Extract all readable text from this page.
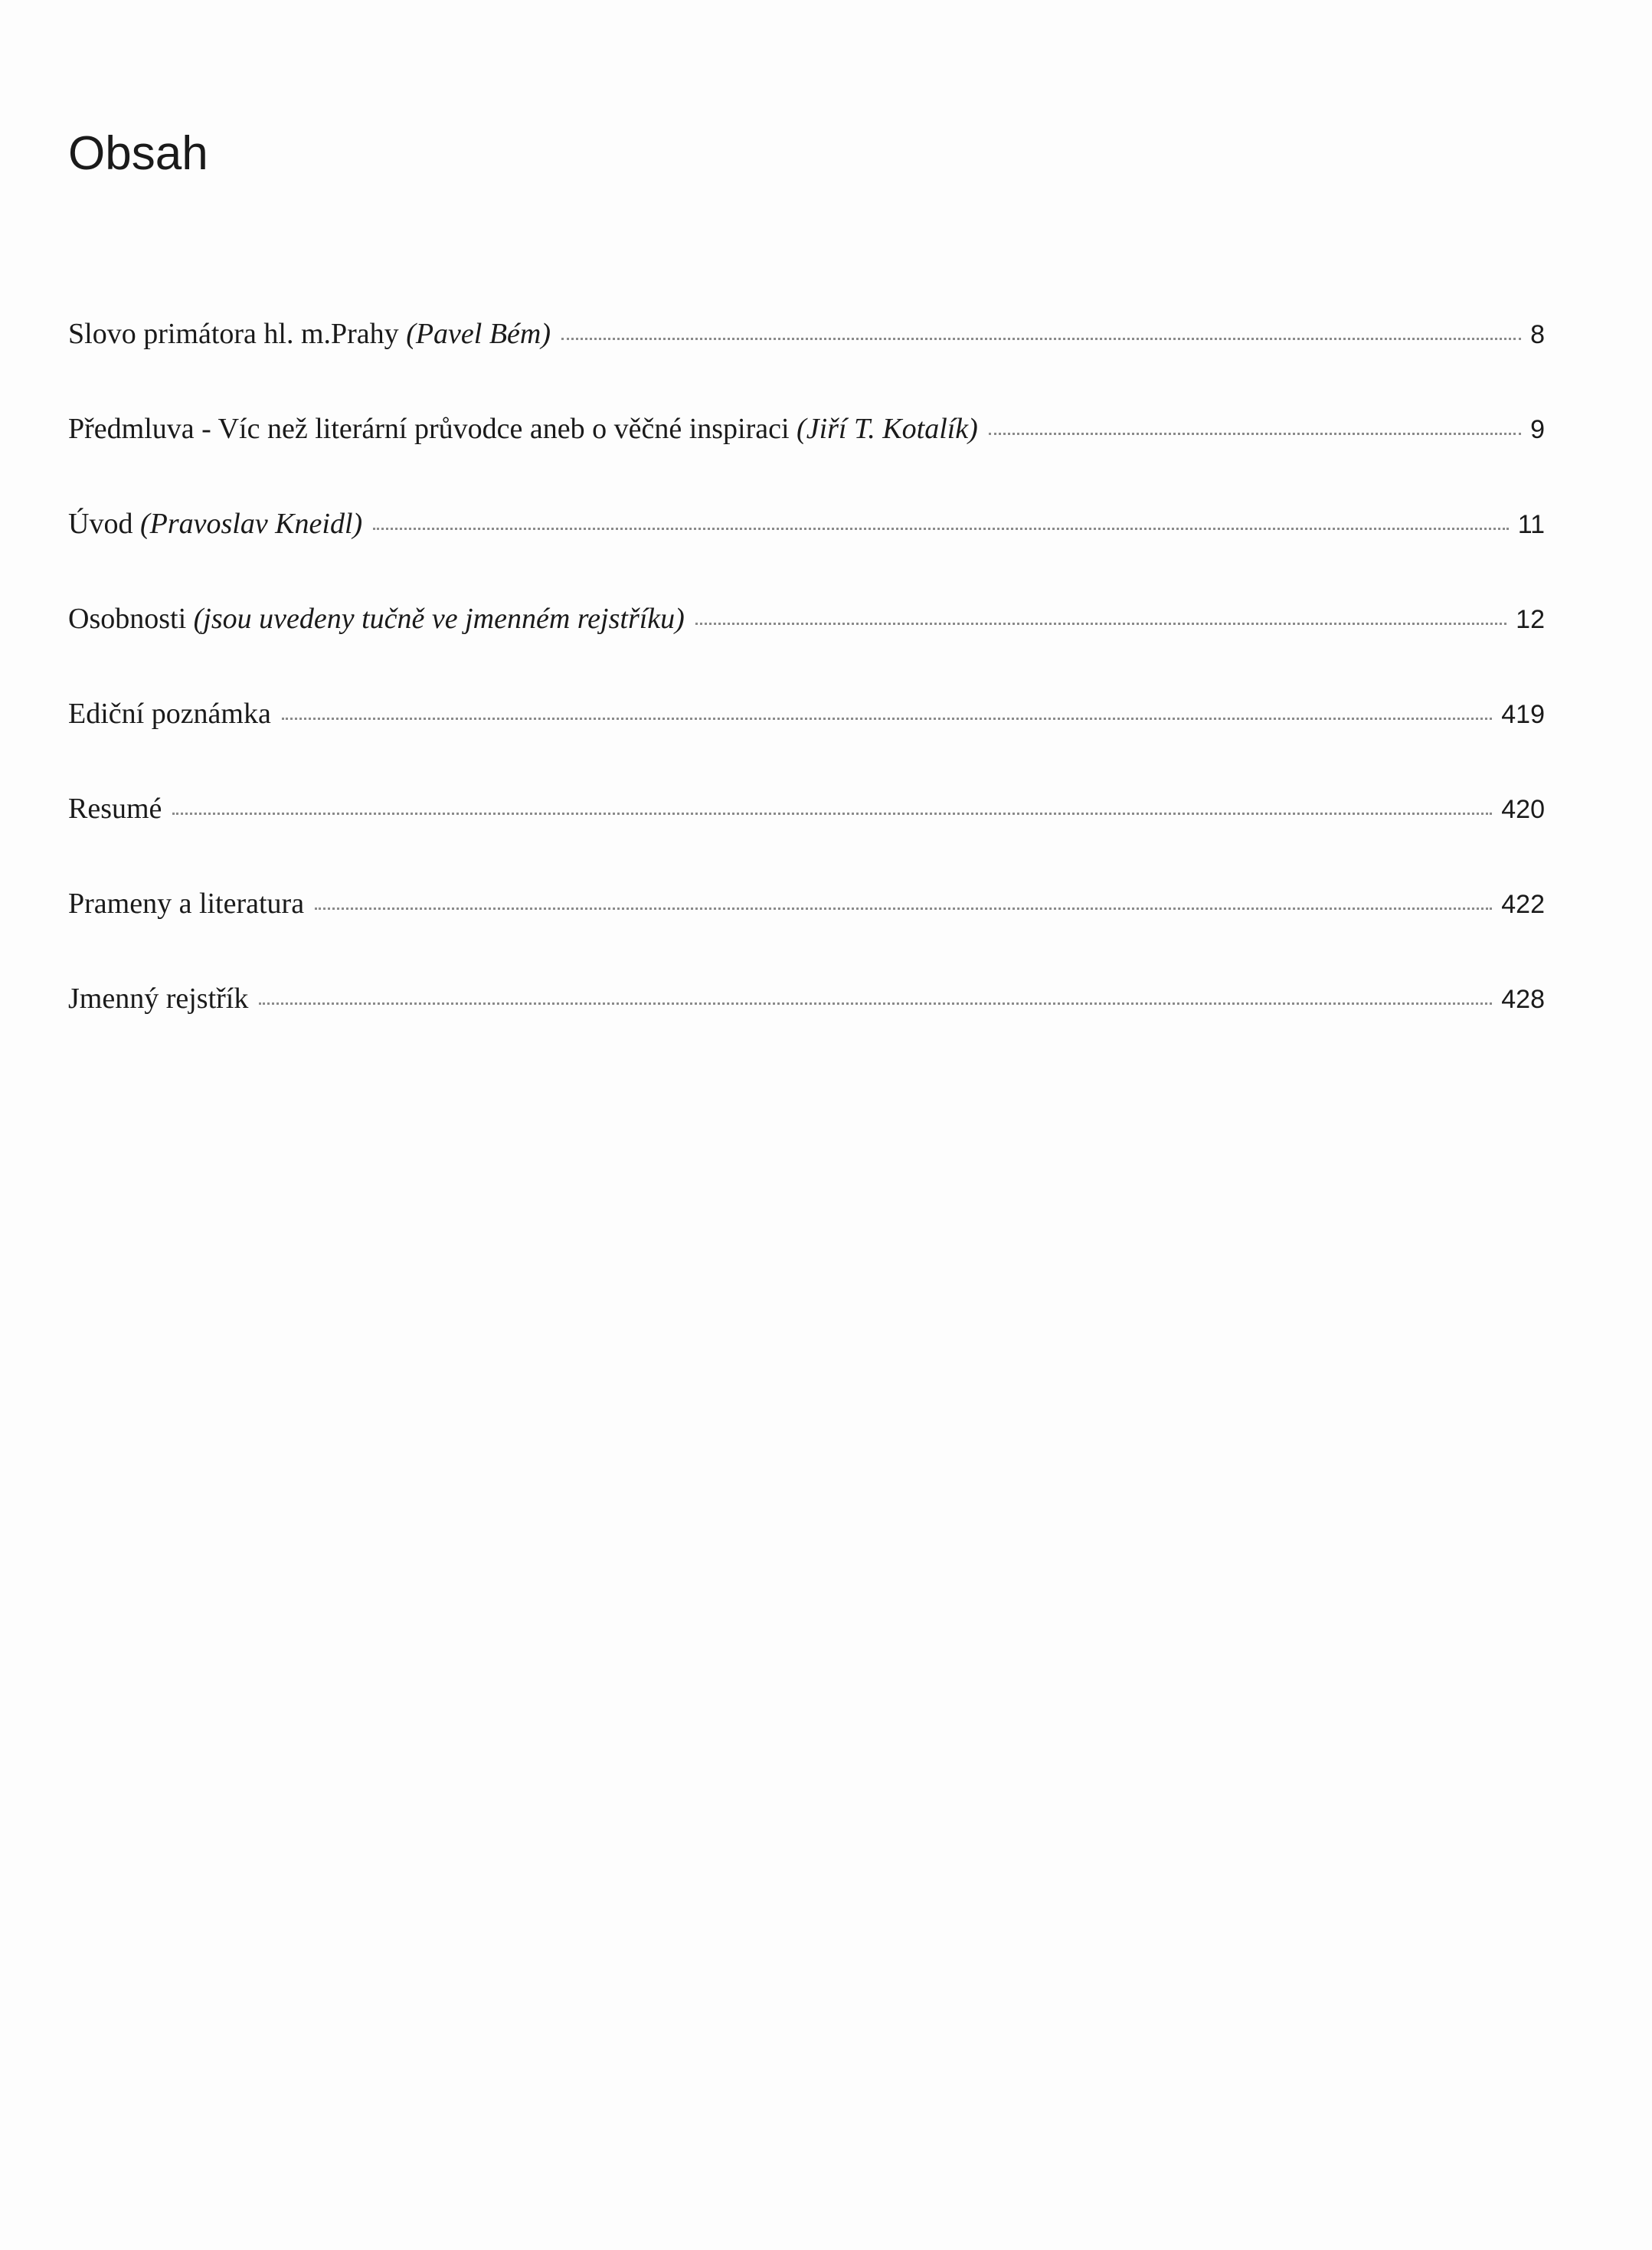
Obsah
Slovo primátora hl. m.Prahy (Pavel Bém)	8
Předmluva - Víc než literární průvodce aneb o věčné inspiraci (Jiří T. Kotalík)	9
Úvod (Pravoslav Kneidl)	11
Osobnosti (jsou uvedeny tučně ve jmenném rejstříku)	12
Ediční poznámka	419
Resumé	420
Prameny a literatura	422
Jmenný rejstřík	428
